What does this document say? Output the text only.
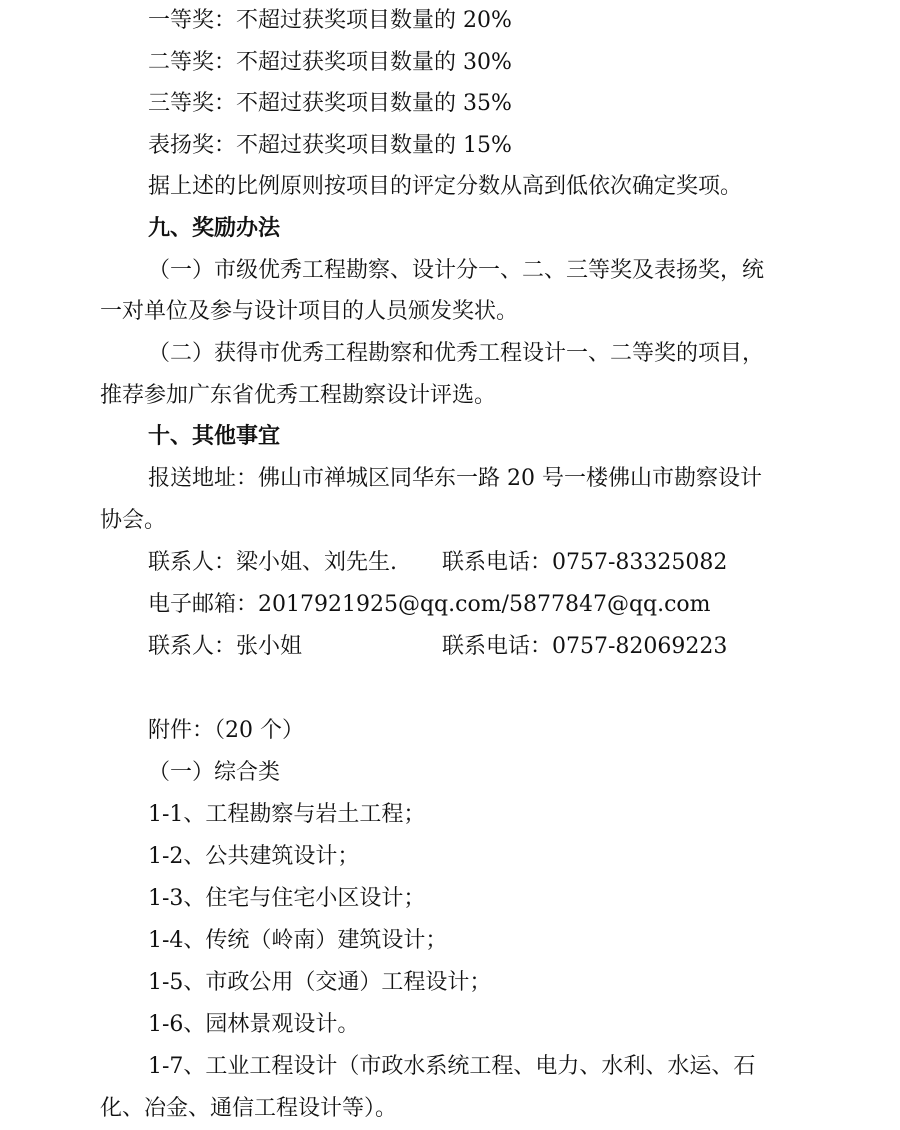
一等奖：不超过获奖项目数量的 20%
二等奖：不超过获奖项目数量的 30%
三等奖：不超过获奖项目数量的 35%
表扬奖：不超过获奖项目数量的 15%
据上述的比例原则按项目的评定分数从高到低依次确定奖项。
九、奖励办法
（一）市级优秀工程勘察、设计分一、二、三等奖及表扬奖，统
一对单位及参与设计项目的人员颁发奖状。
（二）获得市优秀工程勘察和优秀工程设计一、二等奖的项目，
推荐参加广东省优秀工程勘察设计评选。
十、其他事宜
报送地址：佛山市禅城区同华东一路 20 号一楼佛山市勘察设计
协会。
联系人：梁小姐、刘先生. 联系电话：0757-83325082
电子邮箱：2017921925@qq.com/5877847@qq.com
联系人：张小姐	联系电话：0757-82069223
附件：（20 个）
（一）综合类
1-1、工程勘察与岩土工程；
1-2、公共建筑设计；
1-3、住宅与住宅小区设计；
1-4、传统（岭南）建筑设计；
1-5、市政公用（交通）工程设计；
1-6、园林景观设计。
1-7、工业工程设计（市政水系统工程、电力、水利、水运、石
化、冶金、通信工程设计等）。
